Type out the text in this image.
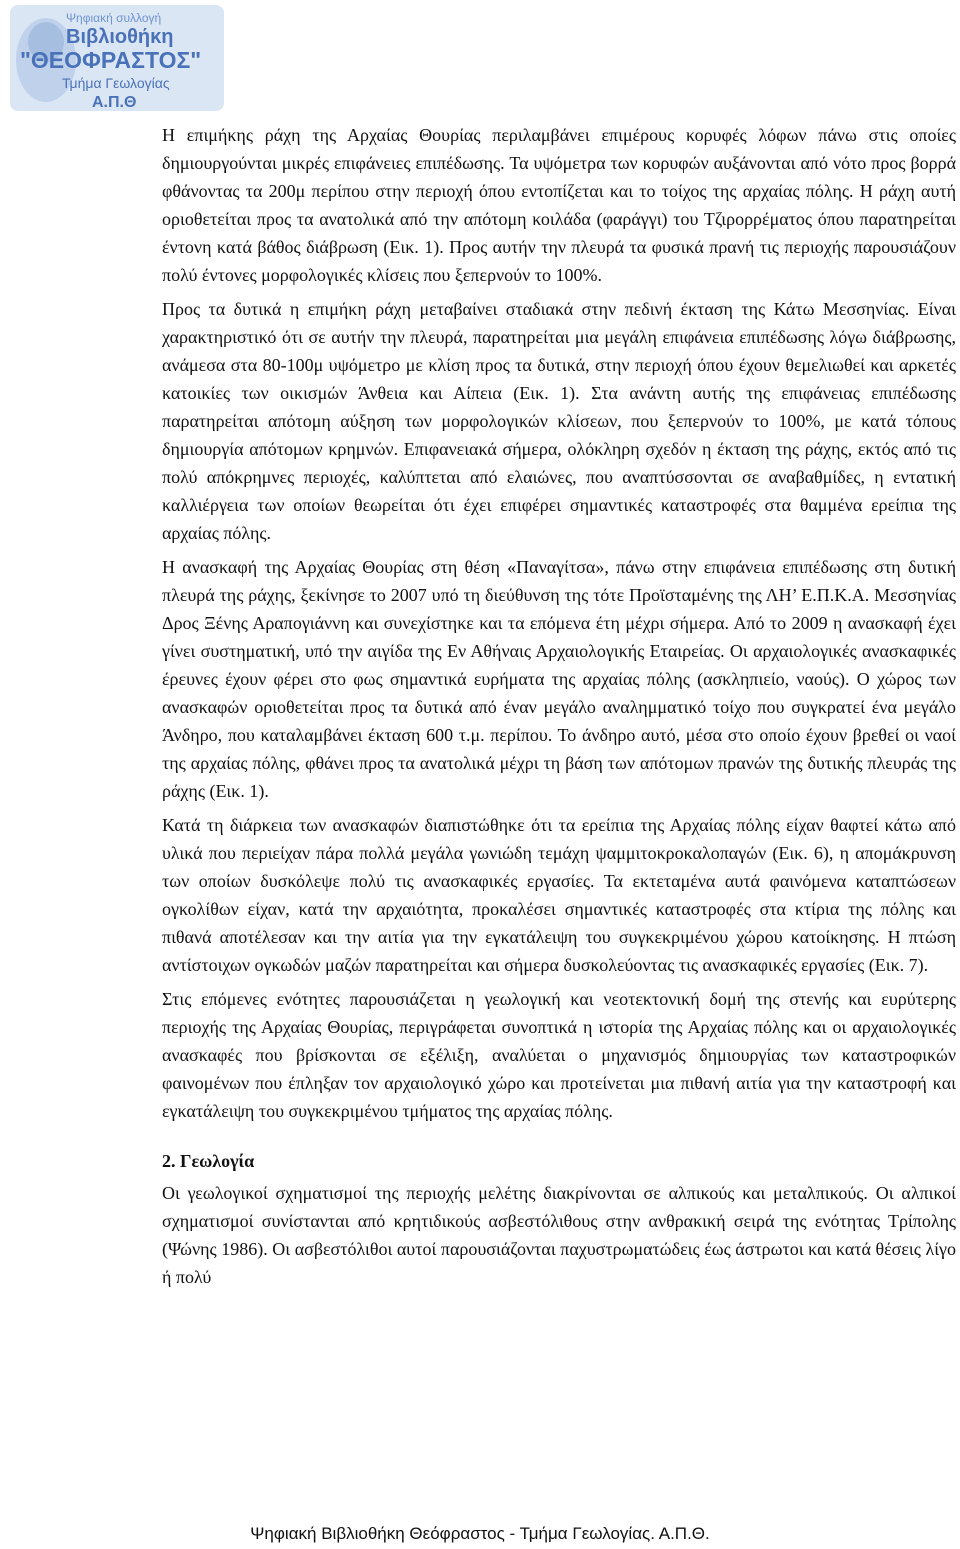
Ψηφιακή συλλογή
Βιβλιοθήκη
"ΘΕΟΦΡΑΣΤΟΣ"
Τμήμα Γεωλογίας
Α.Π.Θ

Η επιμήκης ράχη της Αρχαίας Θουρίας περιλαμβάνει επιμέρους κορυφές λόφων πάνω στις οποίες δημιουργούνται μικρές επιφάνειες επιπέδωσης. Τα υψόμετρα των κορυφών αυξάνονται από νότο προς βορρά φθάνοντας τα 200μ περίπου στην περιοχή όπου εντοπίζεται και το τοίχος της αρχαίας πόλης. Η ράχη αυτή οριοθετείται προς τα ανατολικά από την απότομη κοιλάδα (φαράγγι) του Τζιρορρέματος όπου παρατηρείται έντονη κατά βάθος διάβρωση (Εικ. 1). Προς αυτήν την πλευρά τα φυσικά πρανή τις περιοχής παρουσιάζουν πολύ έντονες μορφολογικές κλίσεις που ξεπερνούν το 100%.

Προς τα δυτικά η επιμήκη ράχη μεταβαίνει σταδιακά στην πεδινή έκταση της Κάτω Μεσσηνίας. Είναι χαρακτηριστικό ότι σε αυτήν την πλευρά, παρατηρείται μια μεγάλη επιφάνεια επιπέδωσης λόγω διάβρωσης, ανάμεσα στα 80-100μ υψόμετρο με κλίση προς τα δυτικά, στην περιοχή όπου έχουν θεμελιωθεί και αρκετές κατοικίες των οικισμών Άνθεια και Αίπεια (Εικ. 1). Στα ανάντη αυτής της επιφάνειας επιπέδωσης παρατηρείται απότομη αύξηση των μορφολογικών κλίσεων, που ξεπερνούν το 100%, με κατά τόπους δημιουργία απότομων κρημνών. Επιφανειακά σήμερα, ολόκληρη σχεδόν η έκταση της ράχης, εκτός από τις πολύ απόκρημνες περιοχές, καλύπτεται από ελαιώνες, που αναπτύσσονται σε αναβαθμίδες, η εντατική καλλιέργεια των οποίων θεωρείται ότι έχει επιφέρει σημαντικές καταστροφές στα θαμμένα ερείπια της αρχαίας πόλης.

Η ανασκαφή της Αρχαίας Θουρίας στη θέση «Παναγίτσα», πάνω στην επιφάνεια επιπέδωσης στη δυτική πλευρά της ράχης, ξεκίνησε το 2007 υπό τη διεύθυνση της τότε Προϊσταμένης της ΛΗ’ Ε.Π.Κ.Α. Μεσσηνίας Δρος Ξένης Αραπογιάννη και συνεχίστηκε και τα επόμενα έτη μέχρι σήμερα. Από το 2009 η ανασκαφή έχει γίνει συστηματική, υπό την αιγίδα της Εν Αθήναις Αρχαιολογικής Εταιρείας. Οι αρχαιολογικές ανασκαφικές έρευνες έχουν φέρει στο φως σημαντικά ευρήματα της αρχαίας πόλης (ασκληπιείο, ναούς). Ο χώρος των ανασκαφών οριοθετείται προς τα δυτικά από έναν μεγάλο αναλημματικό τοίχο που συγκρατεί ένα μεγάλο Άνδηρο, που καταλαμβάνει έκταση 600 τ.μ. περίπου. Το άνδηρο αυτό, μέσα στο οποίο έχουν βρεθεί οι ναοί της αρχαίας πόλης, φθάνει προς τα ανατολικά μέχρι τη βάση των απότομων πρανών της δυτικής πλευράς της ράχης (Εικ. 1).

Κατά τη διάρκεια των ανασκαφών διαπιστώθηκε ότι τα ερείπια της Αρχαίας πόλης είχαν θαφτεί κάτω από υλικά που περιείχαν πάρα πολλά μεγάλα γωνιώδη τεμάχη ψαμμιτοκροκαλοπαγών (Εικ. 6), η απομάκρυνση των οποίων δυσκόλεψε πολύ τις ανασκαφικές εργασίες. Τα εκτεταμένα αυτά φαινόμενα καταπτώσεων ογκολίθων είχαν, κατά την αρχαιότητα, προκαλέσει σημαντικές καταστροφές στα κτίρια της πόλης και πιθανά αποτέλεσαν και την αιτία για την εγκατάλειψη του συγκεκριμένου χώρου κατοίκησης. Η πτώση αντίστοιχων ογκωδών μαζών παρατηρείται και σήμερα δυσκολεύοντας τις ανασκαφικές εργασίες (Εικ. 7).

Στις επόμενες ενότητες παρουσιάζεται η γεωλογική και νεοτεκτονική δομή της στενής και ευρύτερης περιοχής της Αρχαίας Θουρίας, περιγράφεται συνοπτικά η ιστορία της Αρχαίας πόλης και οι αρχαιολογικές ανασκαφές που βρίσκονται σε εξέλιξη, αναλύεται ο μηχανισμός δημιουργίας των καταστροφικών φαινομένων που έπληξαν τον αρχαιολογικό χώρο και προτείνεται μια πιθανή αιτία για την καταστροφή και εγκατάλειψη του συγκεκριμένου τμήματος της αρχαίας πόλης.

2. Γεωλογία

Οι γεωλογικοί σχηματισμοί της περιοχής μελέτης διακρίνονται σε αλπικούς και μεταλπικούς. Οι αλπικοί σχηματισμοί συνίστανται από κρητιδικούς ασβεστόλιθους στην ανθρακική σειρά της ενότητας Τρίπολης (Ψώνης 1986). Οι ασβεστόλιθοι αυτοί παρουσιάζονται παχυστρωματώδεις έως άστρωτοι και κατά θέσεις λίγο ή πολύ

Ψηφιακή Βιβλιοθήκη Θεόφραστος - Τμήμα Γεωλογίας. Α.Π.Θ.
